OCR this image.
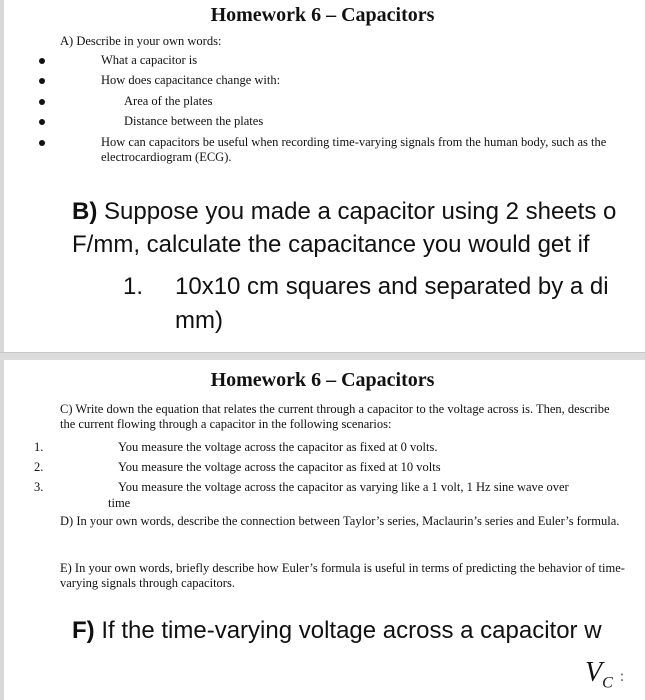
Homework 6 – Capacitors
A) Describe in your own words:
What a capacitor is
How does capacitance change with:
Area of the plates
Distance between the plates
How can capacitors be useful when recording time-varying signals from the human body, such as the electrocardiogram (ECG).
B) Suppose you made a capacitor using 2 sheets o
F/mm, calculate the capacitance you would get if
1. 10x10 cm squares and separated by a di
mm)
Homework 6 – Capacitors
C) Write down the equation that relates the current through a capacitor to the voltage across is. Then, describe the current flowing through a capacitor in the following scenarios:
1.	You measure the voltage across the capacitor as fixed at 0 volts.
2.	You measure the voltage across the capacitor as fixed at 10 volts
3.	You measure the voltage across the capacitor as varying like a 1 volt, 1 Hz sine wave over
time
D) In your own words, describe the connection between Taylor’s series, Maclaurin’s series and Euler’s formula.
E) In your own words, briefly describe how Euler’s formula is useful in terms of predicting the behavior of time-varying signals through capacitors.
F) If the time-varying voltage across a capacitor w
$V_C$ :
